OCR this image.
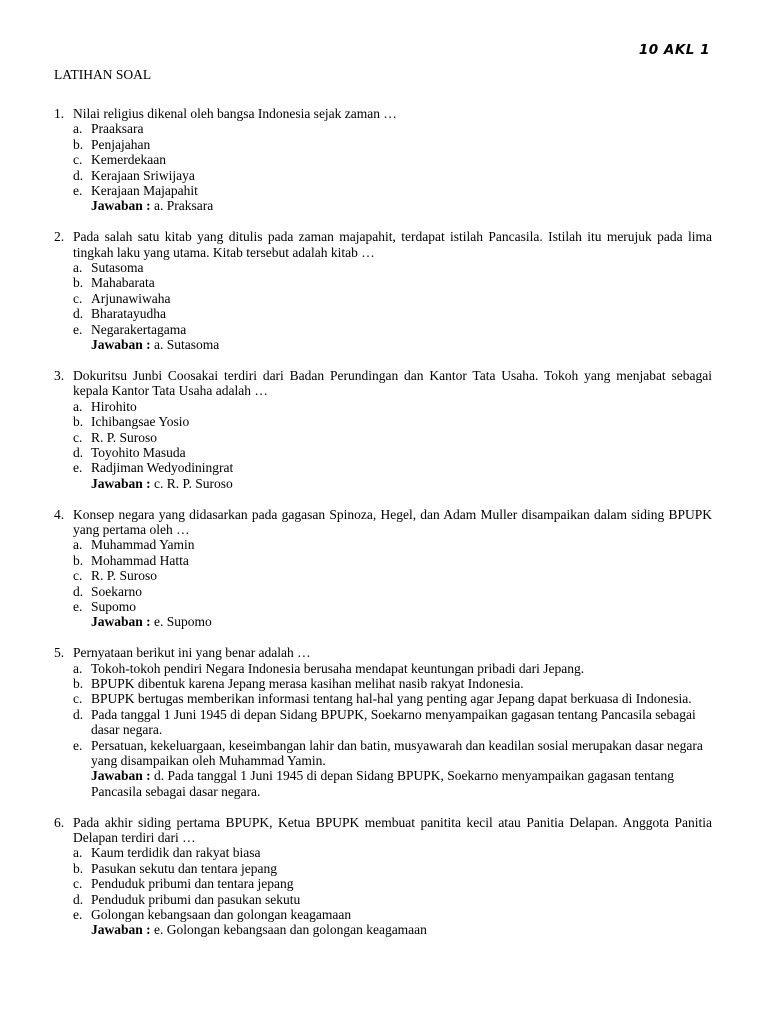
10 AKL 1
LATIHAN SOAL
1. Nilai religius dikenal oleh bangsa Indonesia sejak zaman …
a. Praaksara
b. Penjajahan
c. Kemerdekaan
d. Kerajaan Sriwijaya
e. Kerajaan Majapahit
Jawaban : a. Praksara
2. Pada salah satu kitab yang ditulis pada zaman majapahit, terdapat istilah Pancasila. Istilah itu merujuk pada lima tingkah laku yang utama. Kitab tersebut adalah kitab …
a. Sutasoma
b. Mahabarata
c. Arjunawiwaha
d. Bharatayudha
e. Negarakertagama
Jawaban : a. Sutasoma
3. Dokuritsu Junbi Coosakai terdiri dari Badan Perundingan dan Kantor Tata Usaha. Tokoh yang menjabat sebagai kepala Kantor Tata Usaha adalah …
a. Hirohito
b. Ichibangsae Yosio
c. R. P. Suroso
d. Toyohito Masuda
e. Radjiman Wedyodiningrat
Jawaban : c. R. P. Suroso
4. Konsep negara yang didasarkan pada gagasan Spinoza, Hegel, dan Adam Muller disampaikan dalam siding BPUPK yang pertama oleh …
a. Muhammad Yamin
b. Mohammad Hatta
c. R. P. Suroso
d. Soekarno
e. Supomo
Jawaban : e. Supomo
5. Pernyataan berikut ini yang benar adalah …
a. Tokoh-tokoh pendiri Negara Indonesia berusaha mendapat keuntungan pribadi dari Jepang.
b. BPUPK dibentuk karena Jepang merasa kasihan melihat nasib rakyat Indonesia.
c. BPUPK bertugas memberikan informasi tentang hal-hal yang penting agar Jepang dapat berkuasa di Indonesia.
d. Pada tanggal 1 Juni 1945 di depan Sidang BPUPK, Soekarno menyampaikan gagasan tentang Pancasila sebagai dasar negara.
e. Persatuan, kekeluargaan, keseimbangan lahir dan batin, musyawarah dan keadilan sosial merupakan dasar negara yang disampaikan oleh Muhammad Yamin.
Jawaban : d. Pada tanggal 1 Juni 1945 di depan Sidang BPUPK, Soekarno menyampaikan gagasan tentang Pancasila sebagai dasar negara.
6. Pada akhir siding pertama BPUPK, Ketua BPUPK membuat panitita kecil atau Panitia Delapan. Anggota Panitia Delapan terdiri dari …
a. Kaum terdidik dan rakyat biasa
b. Pasukan sekutu dan tentara jepang
c. Penduduk pribumi dan tentara jepang
d. Penduduk pribumi dan pasukan sekutu
e. Golongan kebangsaan dan golongan keagamaan
Jawaban : e. Golongan kebangsaan dan golongan keagamaan
